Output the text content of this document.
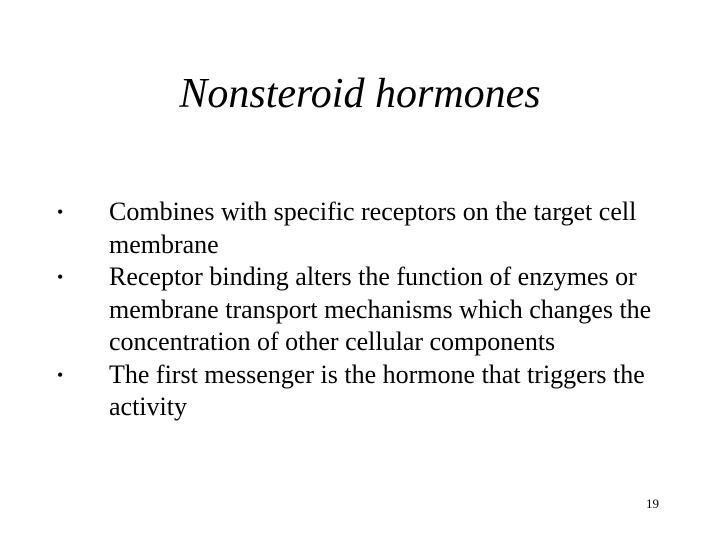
Nonsteroid hormones
• Combines with specific receptors on the target cell membrane
• Receptor binding alters the function of enzymes or membrane transport mechanisms which changes the concentration of other cellular components
• The first messenger is the hormone that triggers the activity
19
